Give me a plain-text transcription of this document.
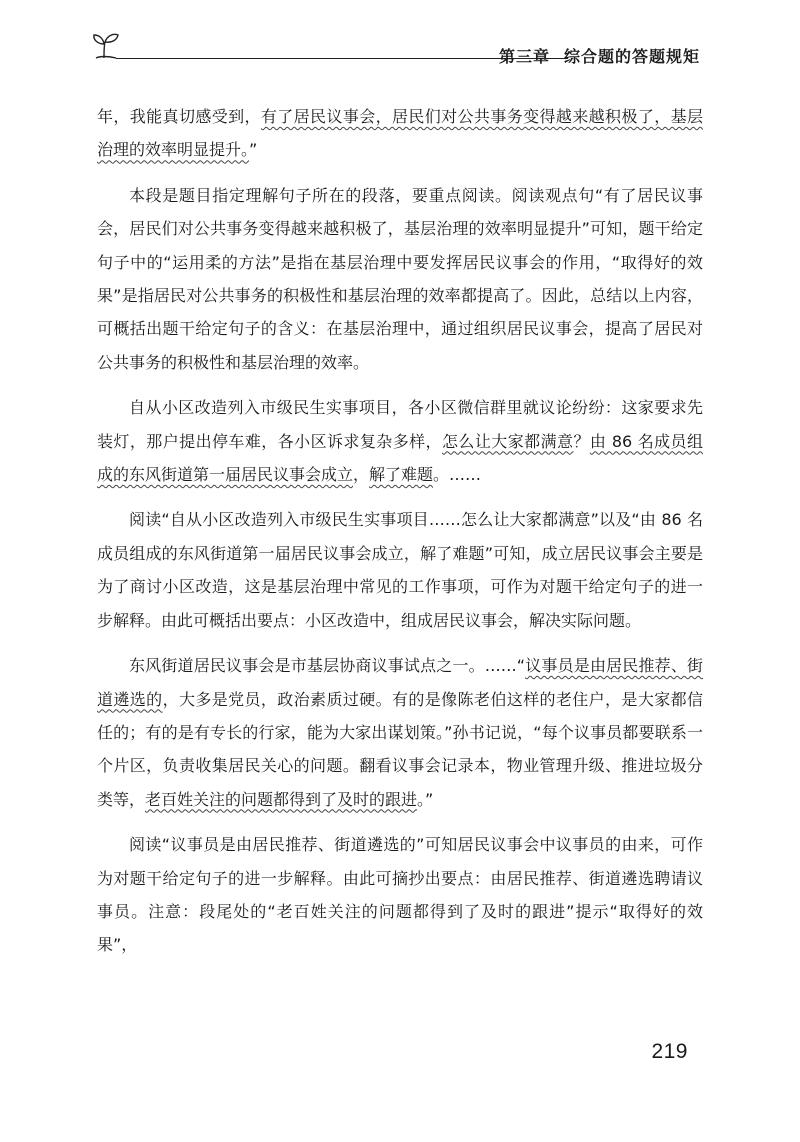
第三章 综合题的答题规矩

年，我能真切感受到，有了居民议事会，居民们对公共事务变得越来越积极了，基层治理的效率明显提升。”

本段是题目指定理解句子所在的段落，要重点阅读。阅读观点句“有了居民议事会，居民们对公共事务变得越来越积极了，基层治理的效率明显提升”可知，题干给定句子中的“运用柔的方法”是指在基层治理中要发挥居民议事会的作用，“取得好的效果”是指居民对公共事务的积极性和基层治理的效率都提高了。因此，总结以上内容，可概括出题干给定句子的含义：在基层治理中，通过组织居民议事会，提高了居民对公共事务的积极性和基层治理的效率。

自从小区改造列入市级民生实事项目，各小区微信群里就议论纷纷：这家要求先装灯，那户提出停车难，各小区诉求复杂多样，怎么让大家都满意？由 86 名成员组成的东风街道第一届居民议事会成立，解了难题。……

阅读“自从小区改造列入市级民生实事项目……怎么让大家都满意”以及“由 86 名成员组成的东风街道第一届居民议事会成立，解了难题”可知，成立居民议事会主要是为了商讨小区改造，这是基层治理中常见的工作事项，可作为对题干给定句子的进一步解释。由此可概括出要点：小区改造中，组成居民议事会，解决实际问题。

东风街道居民议事会是市基层协商议事试点之一。……“议事员是由居民推荐、街道遴选的，大多是党员，政治素质过硬。有的是像陈老伯这样的老住户，是大家都信任的；有的是有专长的行家，能为大家出谋划策。”孙书记说，“每个议事员都要联系一个片区，负责收集居民关心的问题。翻看议事会记录本，物业管理升级、推进垃圾分类等，老百姓关注的问题都得到了及时的跟进。”

阅读“议事员是由居民推荐、街道遴选的”可知居民议事会中议事员的由来，可作为对题干给定句子的进一步解释。由此可摘抄出要点：由居民推荐、街道遴选聘请议事员。注意：段尾处的“老百姓关注的问题都得到了及时的跟进”提示“取得好的效果”，

219
